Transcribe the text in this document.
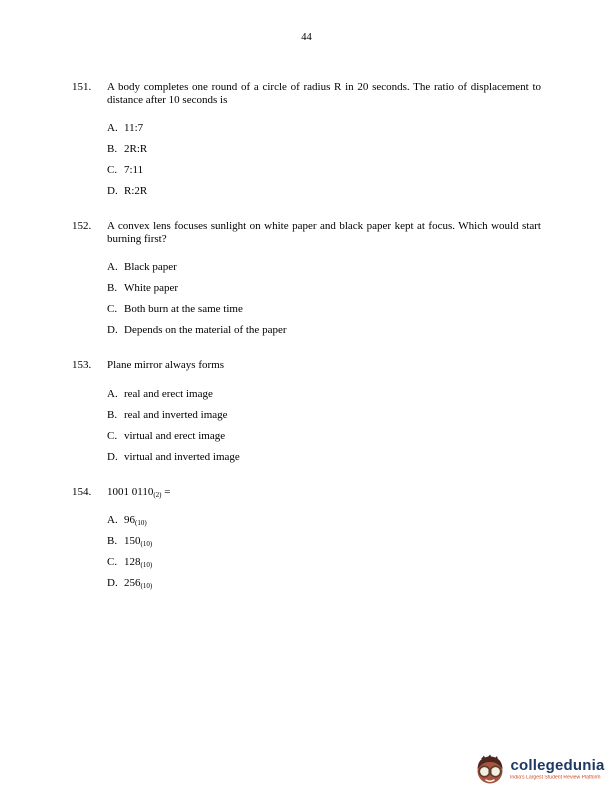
44
151.	A body completes one round of a circle of radius R in 20 seconds. The ratio of displacement to distance after 10 seconds is

A. 11:7
B. 2R:R
C. 7:11
D. R:2R
152.	A convex lens focuses sunlight on white paper and black paper kept at focus. Which would start burning first?

A. Black paper
B. White paper
C. Both burn at the same time
D. Depends on the material of the paper
153.	Plane mirror always forms

A. real and erect image
B. real and inverted image
C. virtual and erect image
D. virtual and inverted image
154.	1001 $0110_{(2)}$ =

A. $96_{(10)}$
B. $150_{(10)}$
C. $128_{(10)}$
D. $256_{(10)}$
collegedunia
India's Largest Student Review Platform
